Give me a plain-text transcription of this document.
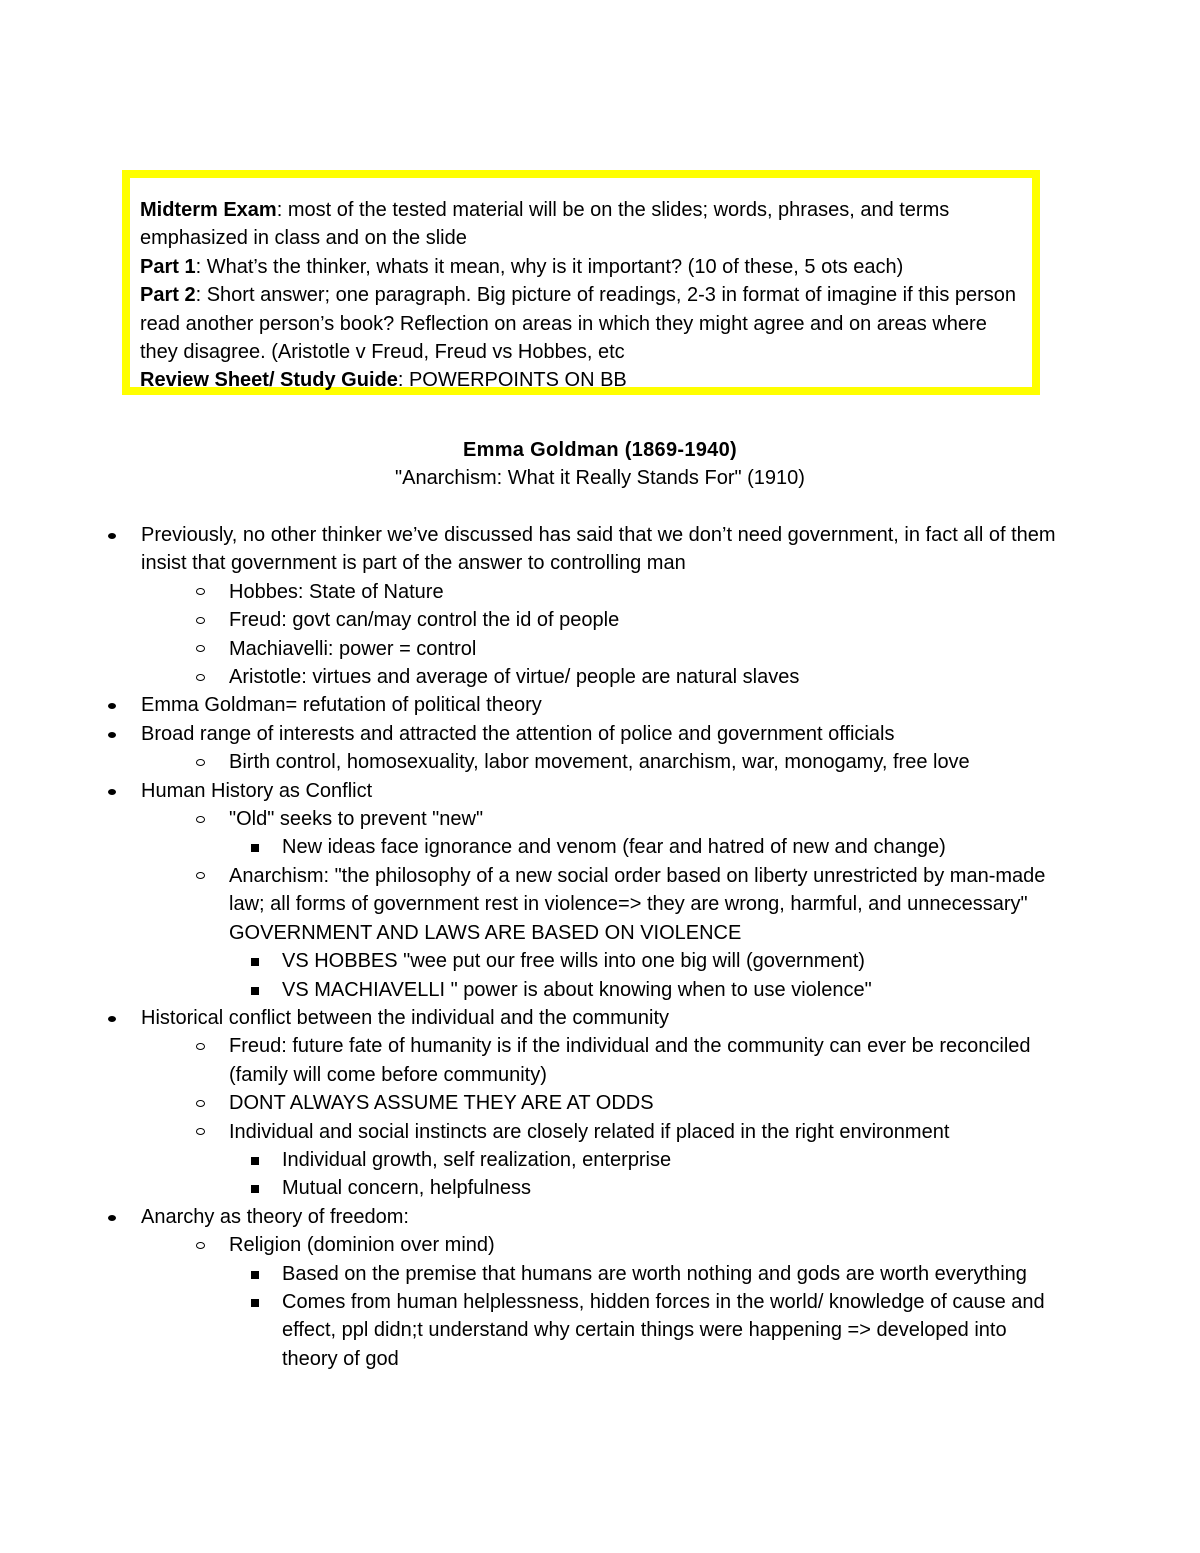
Midterm Exam: most of the tested material will be on the slides; words, phrases, and terms emphasized in class and on the slide

Part 1: What’s the thinker, whats it mean, why is it important? (10 of these, 5 ots each)

Part 2: Short answer; one paragraph. Big picture of readings, 2-3 in format of imagine if this person read another person’s book? Reflection on areas in which they might agree and on areas where they disagree. (Aristotle v Freud, Freud vs Hobbes, etc

Review Sheet/ Study Guide: POWERPOINTS ON BB

Emma Goldman (1869-1940)
"Anarchism: What it Really Stands For" (1910)
Previously, no other thinker we’ve discussed has said that we don’t need government, in fact all of them insist that government is part of the answer to controlling man
Hobbes: State of Nature
Freud: govt can/may control the id of people
Machiavelli: power = control
Aristotle: virtues and average of virtue/ people are natural slaves
Emma Goldman= refutation of political theory
Broad range of interests and attracted the attention of police and government officials
Birth control, homosexuality, labor movement, anarchism, war, monogamy, free love
Human History as Conflict
"Old" seeks to prevent "new"
New ideas face ignorance and venom (fear and hatred of new and change)
Anarchism: "the philosophy of a new social order based on liberty unrestricted by man-made law; all forms of government rest in violence=> they are wrong, harmful, and unnecessary" GOVERNMENT AND LAWS ARE BASED ON VIOLENCE
VS HOBBES "wee put our free wills into one big will (government)
VS MACHIAVELLI " power is about knowing when to use violence"
Historical conflict between the individual and the community
Freud: future fate of humanity is if the individual and the community can ever be reconciled (family will come before community)
DONT ALWAYS ASSUME THEY ARE AT ODDS
Individual and social instincts are closely related if placed in the right environment
Individual growth, self realization, enterprise
Mutual concern, helpfulness
Anarchy as theory of freedom:
Religion (dominion over mind)
Based on the premise that humans are worth nothing and gods are worth everything
Comes from human helplessness, hidden forces in the world/ knowledge of cause and effect, ppl didn;t understand why certain things were happening => developed into theory of god
